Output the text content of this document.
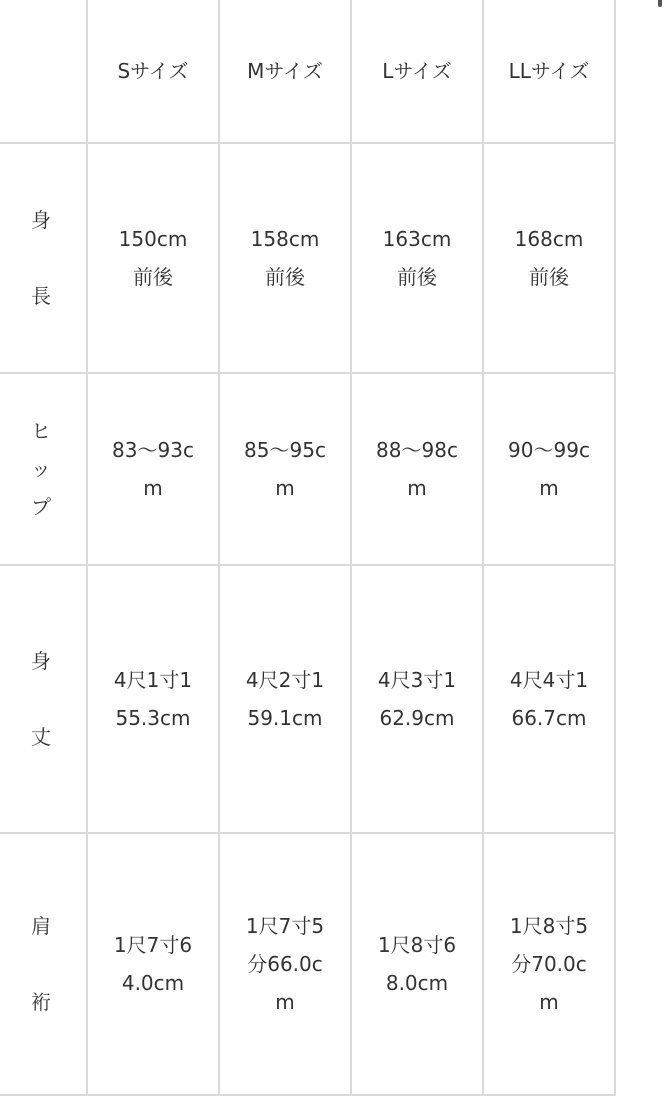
	Sサイズ	Mサイズ	Lサイズ	LLサイズ

身
長	150cm前後	158cm前後	163cm前後	168cm前後

ヒッ
プ	83〜93cm	85〜95cm	88〜98cm	90〜99cm

身
丈	4尺1寸155.3cm	4尺2寸159.1cm	4尺3寸162.9cm	4尺4寸166.7cm

肩
裄	1尺7寸64.0cm	1尺7寸5分66.0cm	1尺8寸68.0cm	1尺8寸5分70.0cm
